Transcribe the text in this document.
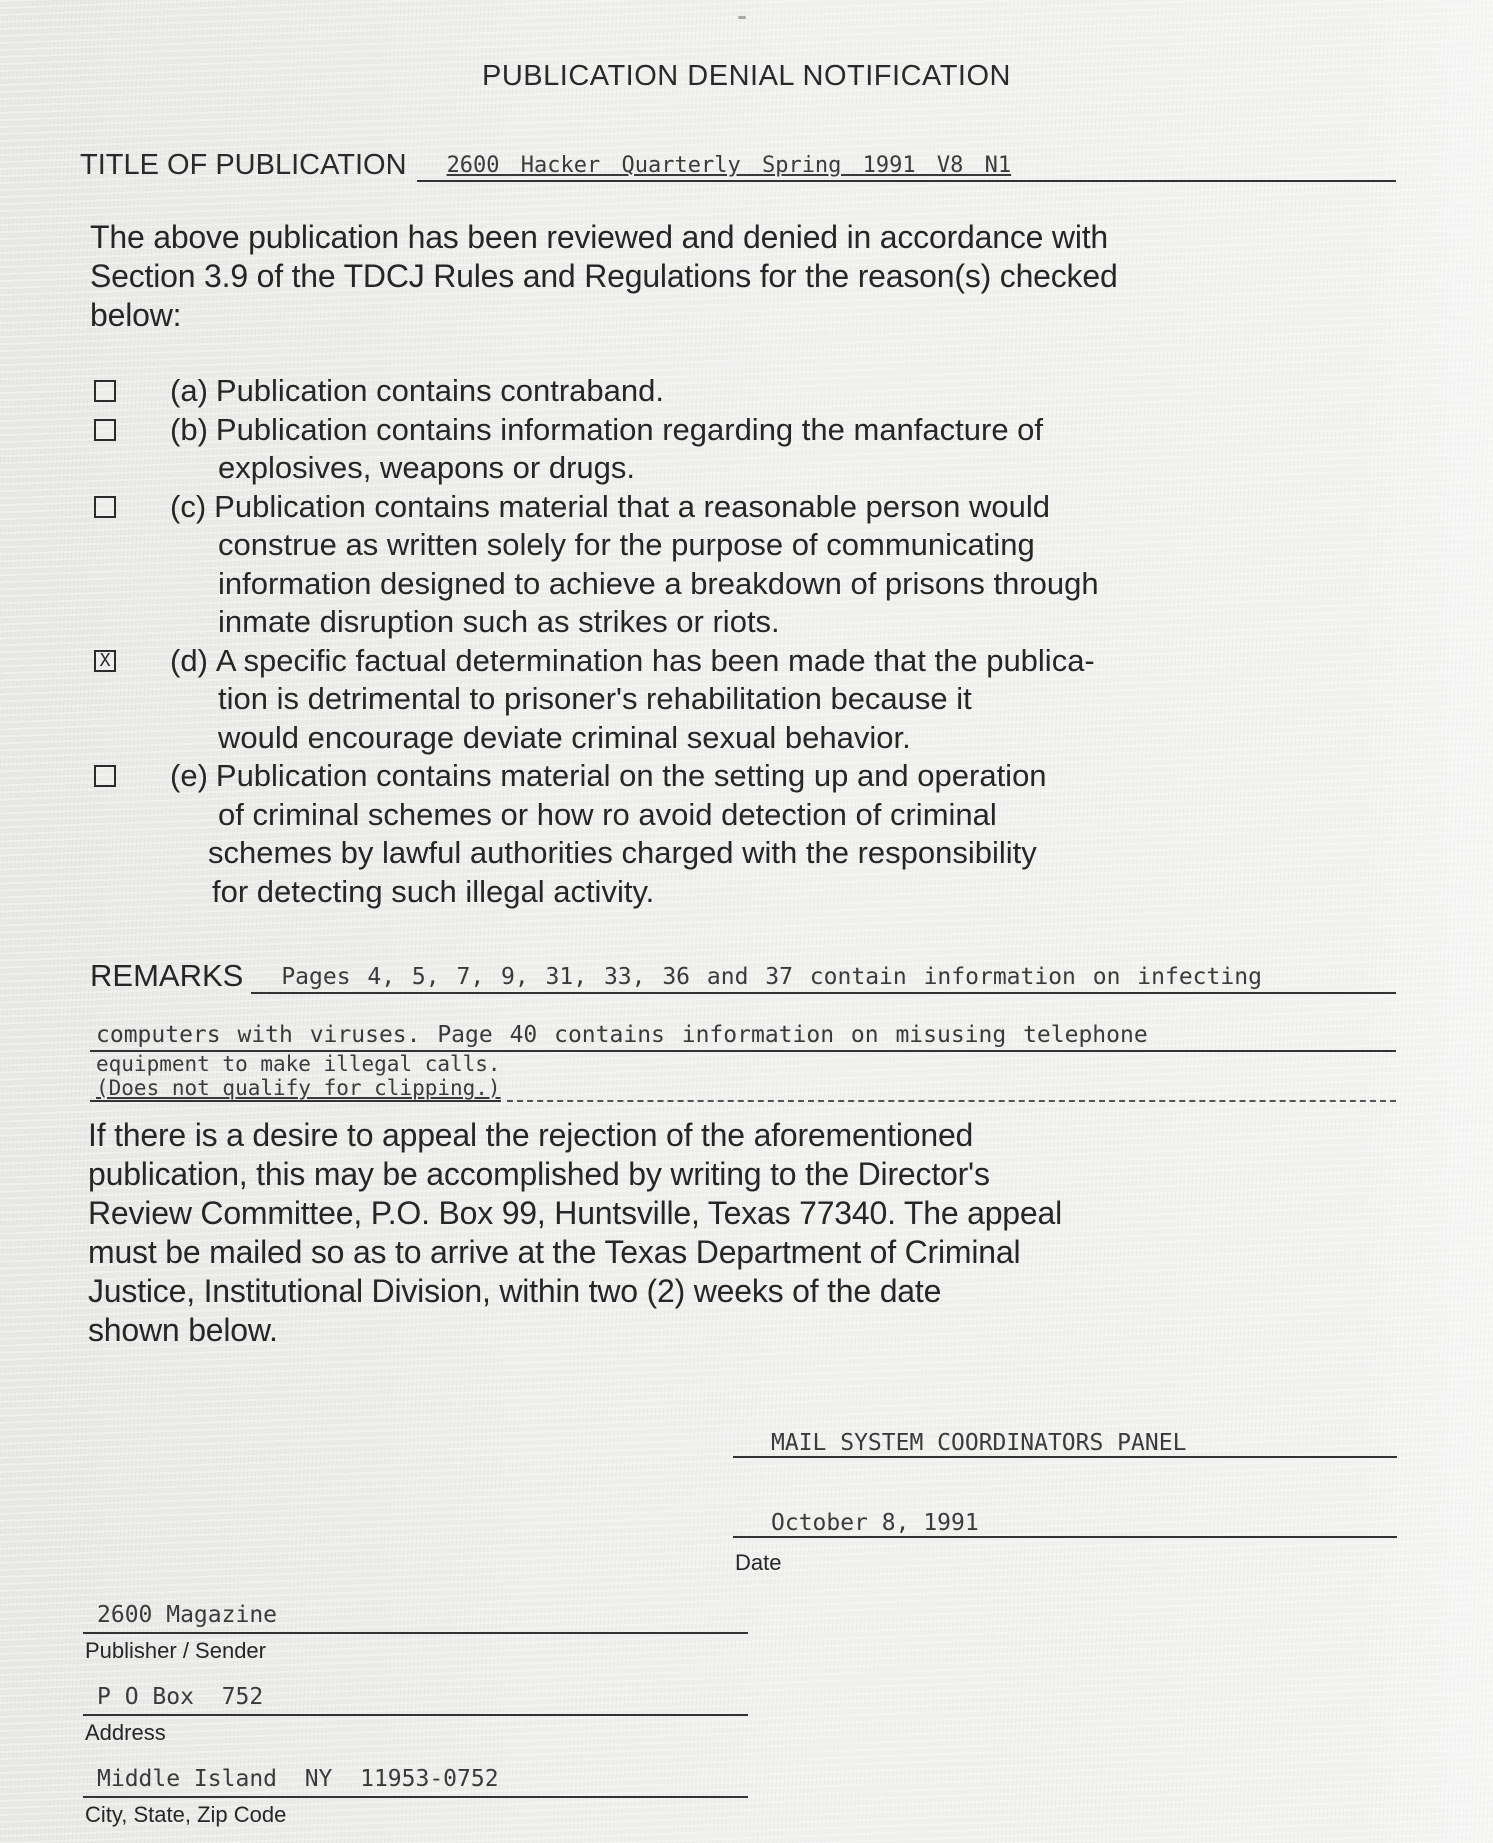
PUBLICATION DENIAL NOTIFICATION
TITLE OF PUBLICATION	2600 Hacker Quarterly Spring 1991 V8 N1
The above publication has been reviewed and denied in accordance with
Section 3.9 of the TDCJ Rules and Regulations for the reason(s) checked
below:
(a) Publication contains contraband.
(b) Publication contains information regarding the manfacture of
explosives, weapons or drugs.
(c) Publication contains material that a reasonable person would
construe as written solely for the purpose of communicating
information designed to achieve a breakdown of prisons through
inmate disruption such as strikes or riots.
X (d) A specific factual determination has been made that the publica-
tion is detrimental to prisoner's rehabilitation because it
would encourage deviate criminal sexual behavior.
(e) Publication contains material on the setting up and operation
of criminal schemes or how ro avoid detection of criminal
schemes by lawful authorities charged with the responsibility
for detecting such illegal activity.
REMARKS	Pages 4, 5, 7, 9, 31, 33, 36 and 37 contain information on infecting
computers with viruses. Page 40 contains information on misusing telephone
equipment to make illegal calls.
(Does not qualify for clipping.)
If there is a desire to appeal the rejection of the aforementioned
publication, this may be accomplished by writing to the Director's
Review Committee, P.O. Box 99, Huntsville, Texas 77340. The appeal
must be mailed so as to arrive at the Texas Department of Criminal
Justice, Institutional Division, within two (2) weeks of the date
shown below.
MAIL SYSTEM COORDINATORS PANEL
October 8, 1991
Date
2600 Magazine
Publisher / Sender
P O Box  752
Address
Middle Island  NY  11953-0752
City, State, Zip Code
